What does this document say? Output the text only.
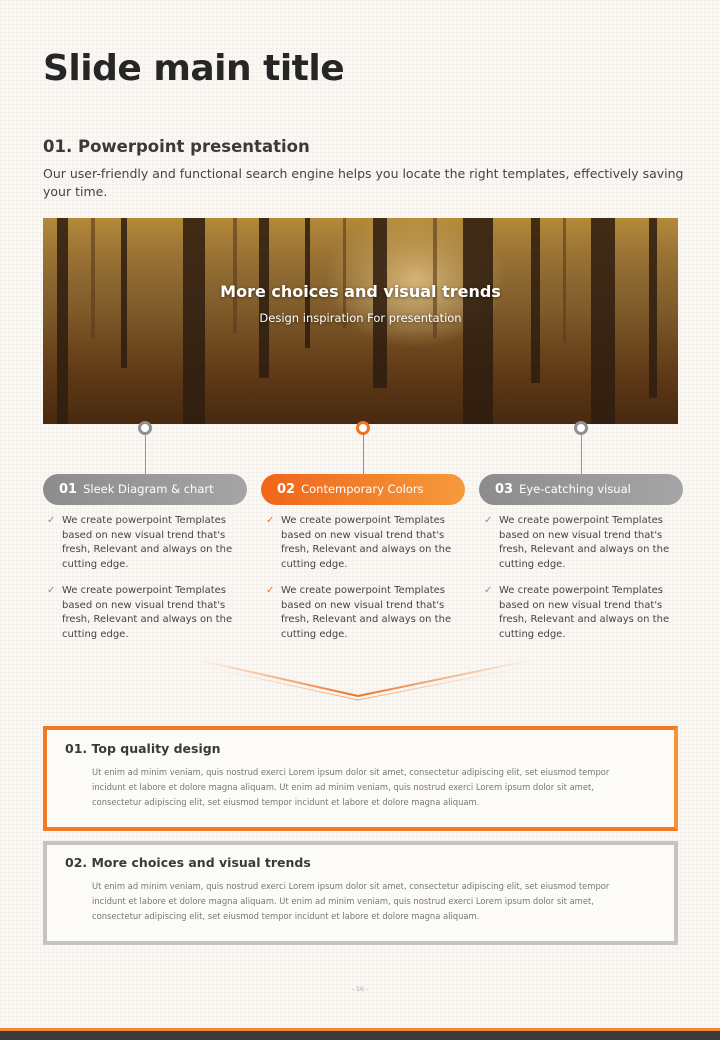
Slide main title
01. Powerpoint presentation
Our user-friendly and functional search engine helps you locate the right templates, effectively saving your time.
More choices and visual trends
Design inspiration For presentation
01 Sleek Diagram & chart	02 Contemporary Colors	03 Eye-catching visual
✓ We create powerpoint Templates based on new visual trend that's fresh, Relevant and always on the cutting edge.
✓ We create powerpoint Templates based on new visual trend that's fresh, Relevant and always on the cutting edge.
✓ We create powerpoint Templates based on new visual trend that's fresh, Relevant and always on the cutting edge.
✓ We create powerpoint Templates based on new visual trend that's fresh, Relevant and always on the cutting edge.
✓ We create powerpoint Templates based on new visual trend that's fresh, Relevant and always on the cutting edge.
✓ We create powerpoint Templates based on new visual trend that's fresh, Relevant and always on the cutting edge.
01. Top quality design
Ut enim ad minim veniam, quis nostrud exerci Lorem ipsum dolor sit amet, consectetur adipiscing elit, set eiusmod tempor incidunt et labore et dolore magna aliquam. Ut enim ad minim veniam, quis nostrud exerci Lorem ipsum dolor sit amet, consectetur adipiscing elit, set eiusmod tempor incidunt et labore et dolore magna aliquam.
02. More choices and visual trends
Ut enim ad minim veniam, quis nostrud exerci Lorem ipsum dolor sit amet, consectetur adipiscing elit, set eiusmod tempor incidunt et labore et dolore magna aliquam. Ut enim ad minim veniam, quis nostrud exerci Lorem ipsum dolor sit amet, consectetur adipiscing elit, set eiusmod tempor incidunt et labore et dolore magna aliquam.
- 16 -
